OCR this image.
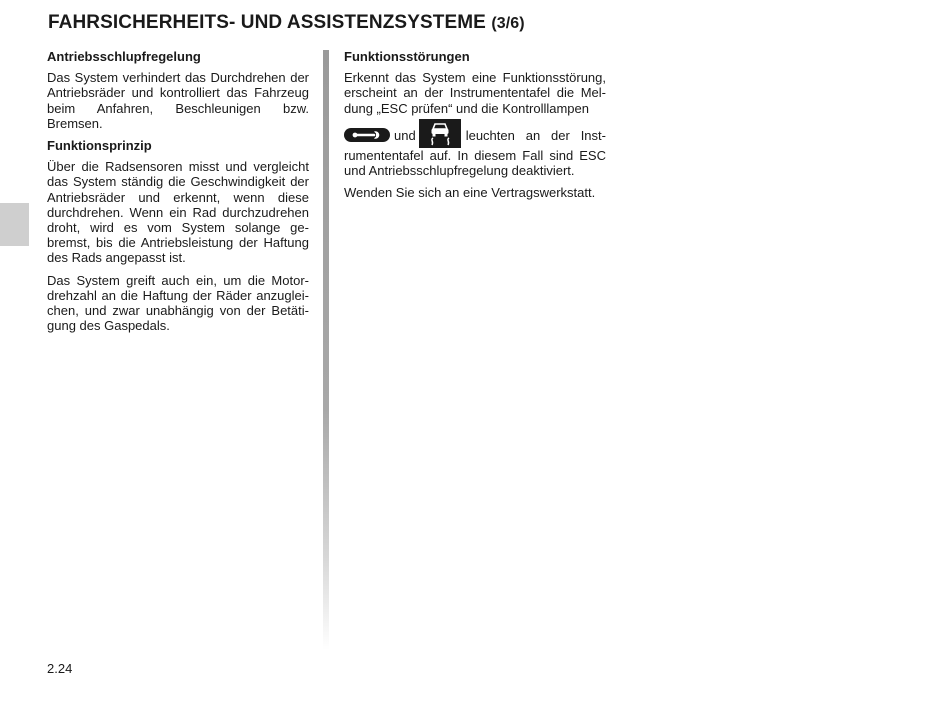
FAHRSICHERHEITS- UND ASSISTENZSYSTEME (3/6)
Antriebsschlupfregelung

Das System verhindert das Durchdrehen der Antriebsräder und kontrolliert das Fahrzeug beim Anfahren, Beschleunigen bzw. Bremsen.

Funktionsprinzip

Über die Radsensoren misst und vergleicht das System ständig die Geschwindigkeit der Antriebsräder und erkennt, wenn diese durchdrehen. Wenn ein Rad durchzudrehen droht, wird es vom System solange gebremst, bis die Antriebsleistung der Haftung des Rads angepasst ist.

Das System greift auch ein, um die Motordrehzahl an die Haftung der Räder anzugleichen, und zwar unabhängig von der Betätigung des Gaspedals.

Funktionsstörungen

Erkennt das System eine Funktionsstörung, erscheint an der Instrumententafel die Meldung „ESC prüfen“ und die Kontrolllampen

und	leuchten an der Instrumententafel auf. In diesem Fall sind ESC und Antriebsschlupfregelung deaktiviert.

Wenden Sie sich an eine Vertragswerkstatt.

2.24
